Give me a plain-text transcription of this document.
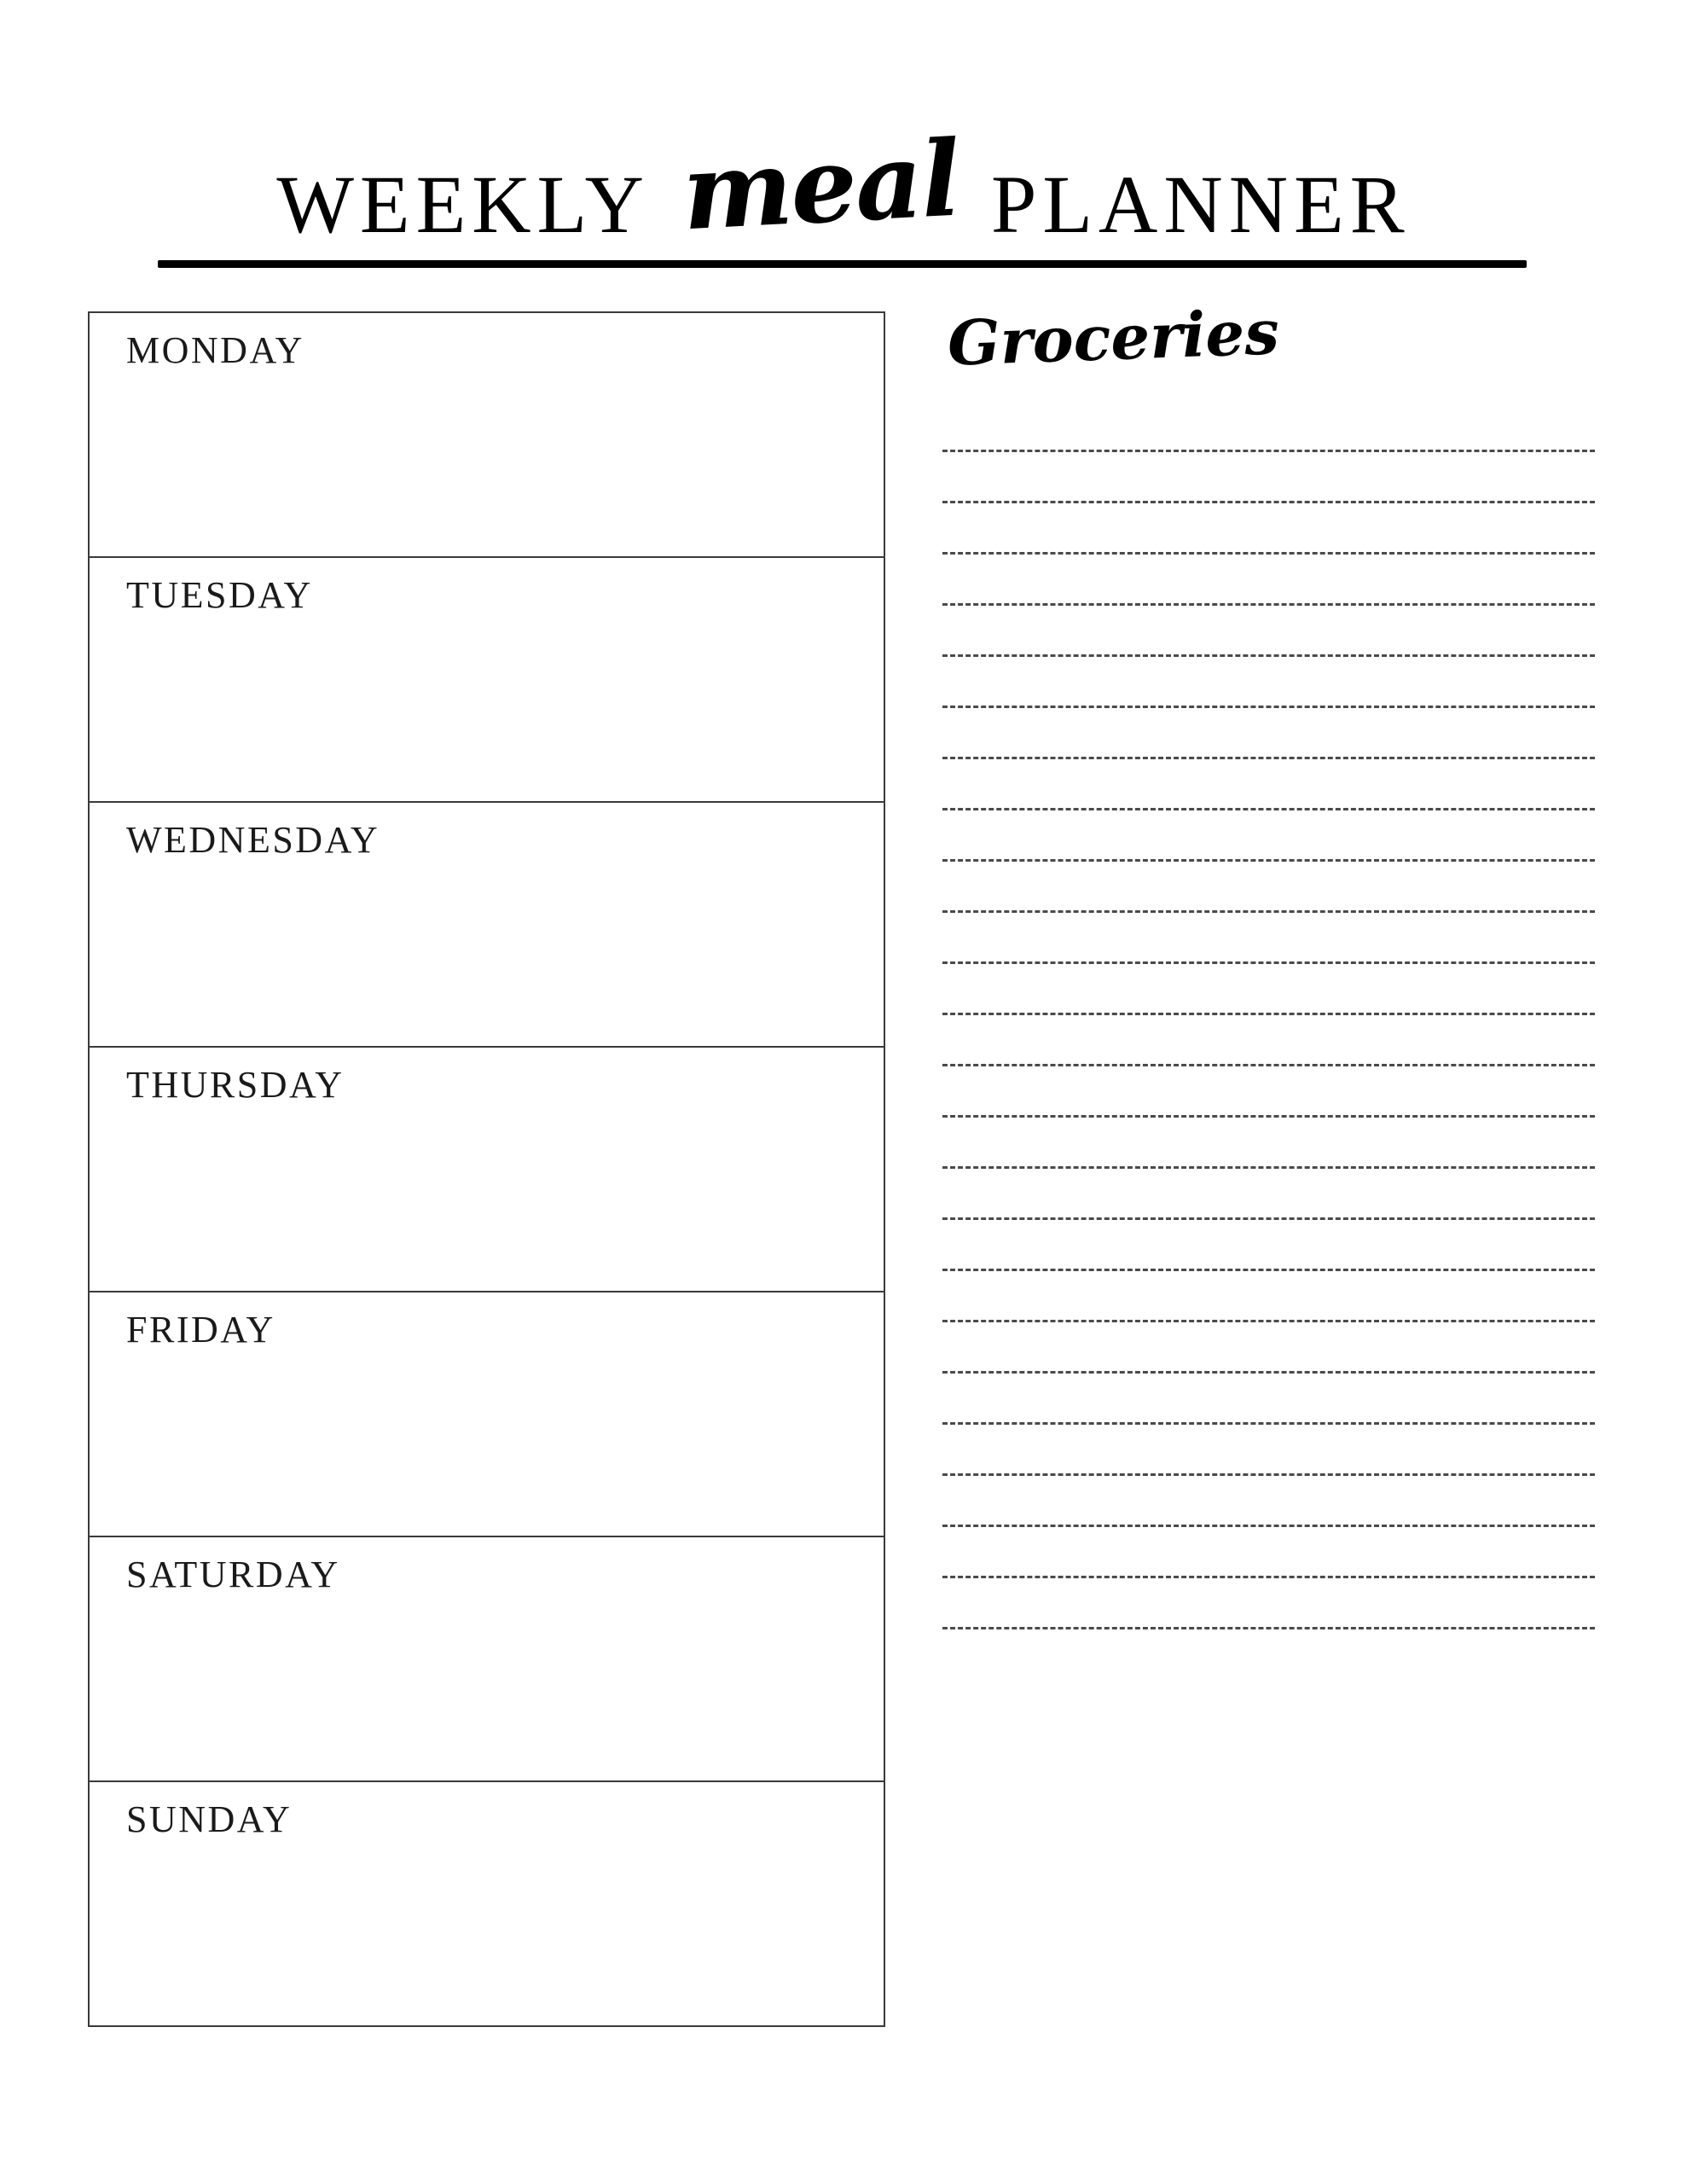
WEEKLY meal PLANNER
MONDAY
TUESDAY
WEDNESDAY
THURSDAY
FRIDAY
SATURDAY
SUNDAY
Groceries
